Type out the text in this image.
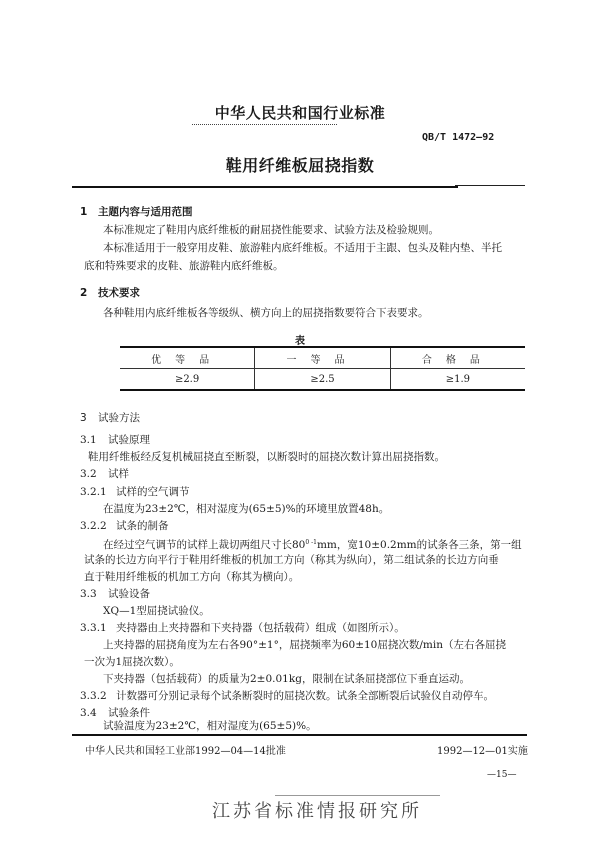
中华人民共和国行业标准
QB/T 1472—92
鞋用纤维板屈挠指数
1 主题内容与适用范围
本标准规定了鞋用内底纤维板的耐屈挠性能要求、试验方法及检验规则。
本标准适用于一般穿用皮鞋、旅游鞋内底纤维板。不适用于主跟、包头及鞋内垫、半托
底和特殊要求的皮鞋、旅游鞋内底纤维板。
2 技术要求
各种鞋用内底纤维板各等级纵、横方向上的屈挠指数要符合下表要求。
表
优等品	一等品	合格品
≥2.9	≥2.5	≥1.9
3 试验方法
3.1 试验原理
鞋用纤维板经反复机械屈挠直至断裂，以断裂时的屈挠次数计算出屈挠指数。
3.2 试样
3.2.1 试样的空气调节
在温度为23±2℃，相对湿度为(65±5)%的环境里放置48h。
3.2.2 试条的制备
在经过空气调节的试样上裁切两组尺寸长80$^{0 -1}$mm，宽10±0.2mm的试条各三条，第一组
试条的长边方向平行于鞋用纤维板的机加工方向（称其为纵向），第二组试条的长边方向垂
直于鞋用纤维板的机加工方向（称其为横向）。
3.3 试验设备
XQ—1型屈挠试验仪。
3.3.1 夹持器由上夹持器和下夹持器（包括载荷）组成（如图所示）。
上夹持器的屈挠角度为左右各90°±1°，屈挠频率为60±10屈挠次数/min（左右各屈挠
一次为1屈挠次数）。
下夹持器（包括载荷）的质量为2±0.01kg，限制在试条屈挠部位下垂直运动。
3.3.2 计数器可分别记录每个试条断裂时的屈挠次数。试条全部断裂后试验仪自动停车。
3.4 试验条件
试验温度为23±2℃，相对湿度为(65±5)%。
中华人民共和国轻工业部1992—04—14批准	1992—12—01实施
—15—
江苏省标准情报研究所
